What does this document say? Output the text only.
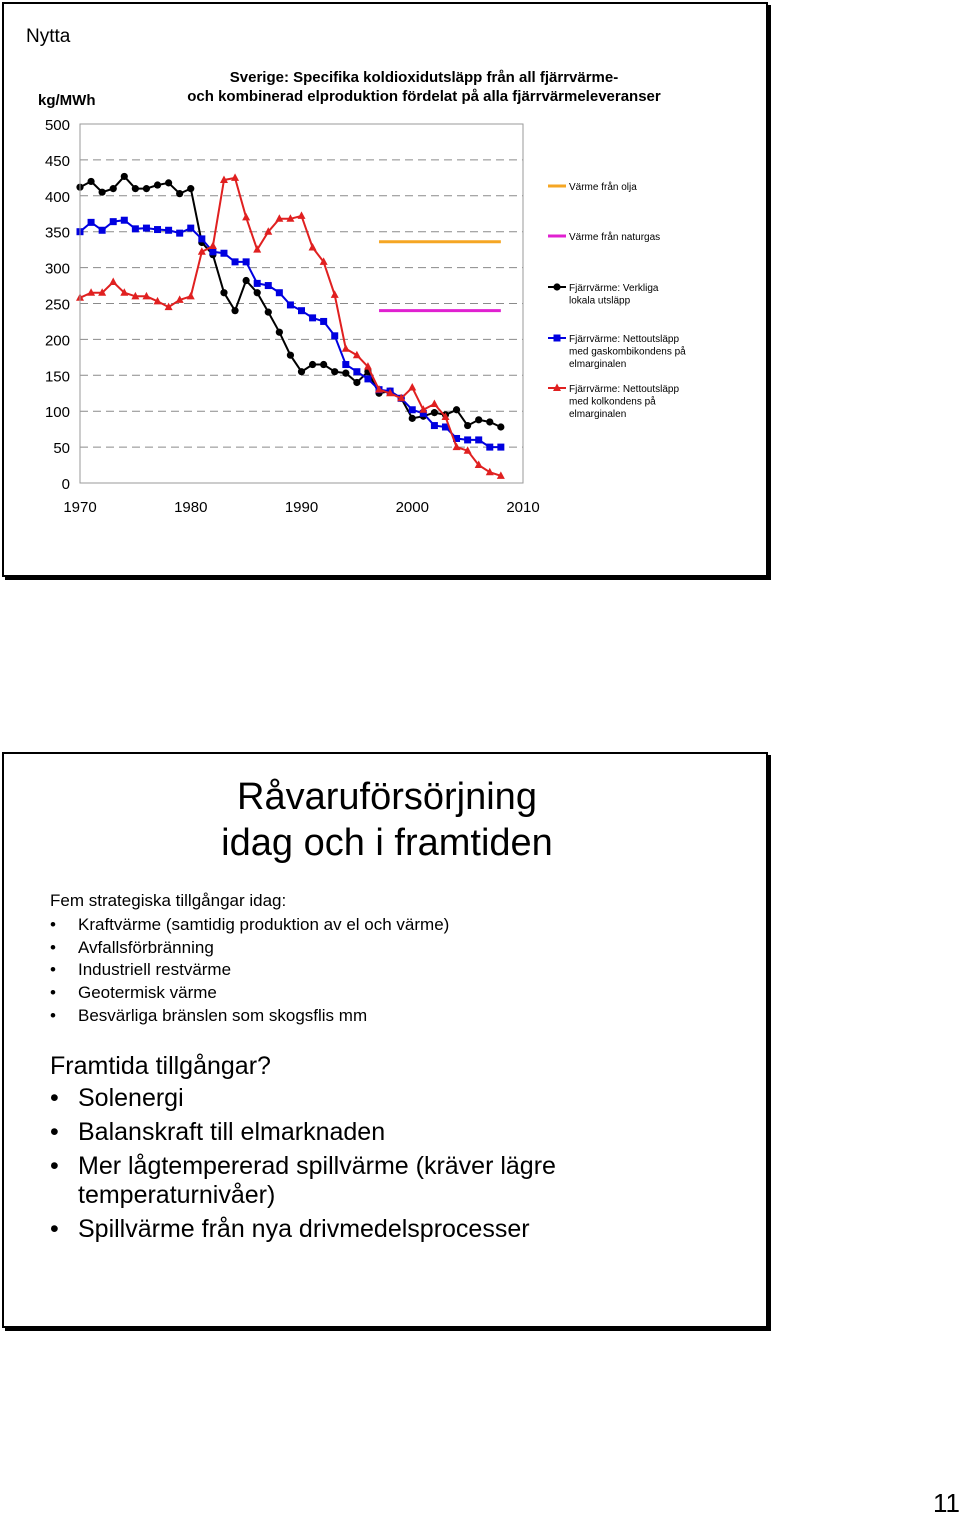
Nytta
Sverige: Specifika koldioxidutsläpp från all fjärrvärme-
och kombinerad elproduktion fördelat på alla fjärrvärmeleveranser
0
50
100
150
200
250
300
350
400
450
500
kg/MWh
1970	1980	1990	2000	2010
Värme från olja
Värme från naturgas
Fjärrvärme: Verkliga
lokala utsläpp
Fjärrvärme: Nettoutsläpp
med gaskombikondens på
elmarginalen
Fjärrvärme: Nettoutsläpp
med kolkondens på
elmarginalen
Råvaruförsörjning
idag och i framtiden
Fem strategiska tillgångar idag:
• Kraftvärme (samtidig produktion av el och värme)
• Avfallsförbränning
• Industriell restvärme
• Geotermisk värme
• Besvärliga bränslen som skogsflis mm
Framtida tillgångar?
• Solenergi
• Balanskraft till elmarknaden
• Mer lågtempererad spillvärme (kräver lägre temperaturnivåer)
• Spillvärme från nya drivmedelsprocesser
11
